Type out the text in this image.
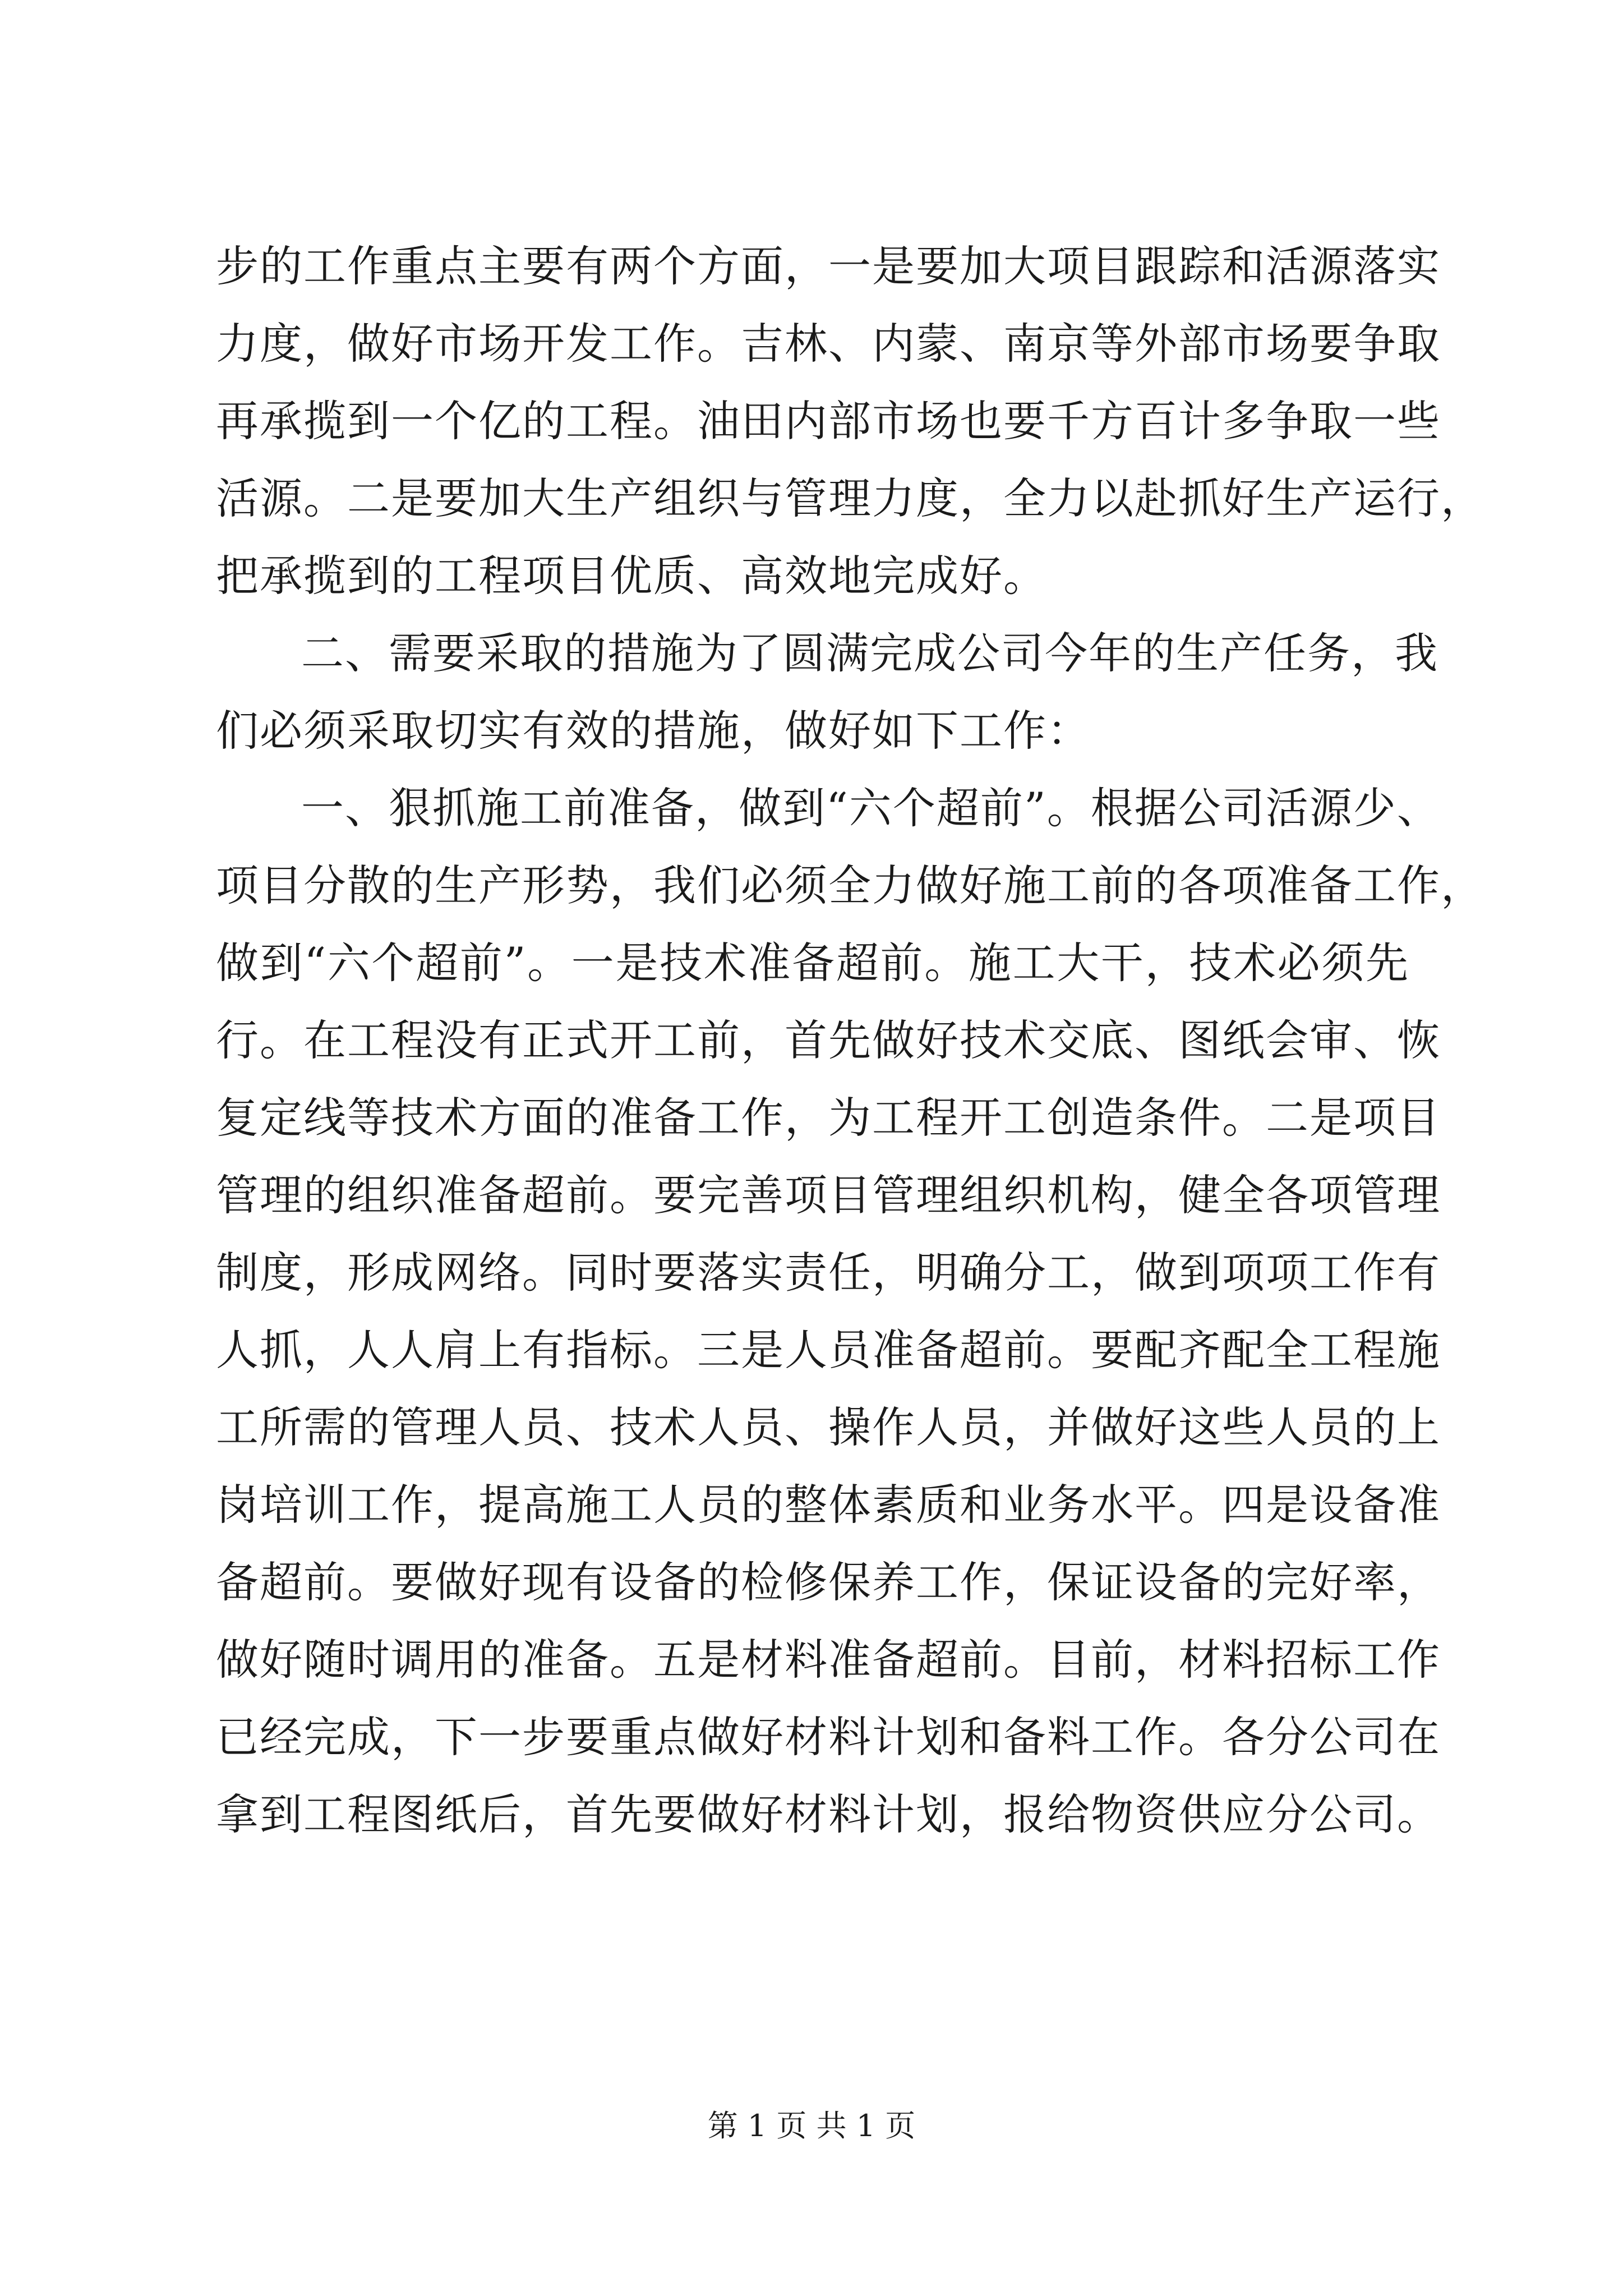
步的工作重点主要有两个方面，一是要加大项目跟踪和活源落实
力度，做好市场开发工作。吉林、内蒙、南京等外部市场要争取
再承揽到一个亿的工程。油田内部市场也要千方百计多争取一些
活源。二是要加大生产组织与管理力度，全力以赴抓好生产运行，
把承揽到的工程项目优质、高效地完成好。
二、需要采取的措施为了圆满完成公司今年的生产任务，我
们必须采取切实有效的措施，做好如下工作：
一、狠抓施工前准备，做到“六个超前”。根据公司活源少、
项目分散的生产形势，我们必须全力做好施工前的各项准备工作，
做到“六个超前”。一是技术准备超前。施工大干，技术必须先
行。在工程没有正式开工前，首先做好技术交底、图纸会审、恢
复定线等技术方面的准备工作，为工程开工创造条件。二是项目
管理的组织准备超前。要完善项目管理组织机构，健全各项管理
制度，形成网络。同时要落实责任，明确分工，做到项项工作有
人抓，人人肩上有指标。三是人员准备超前。要配齐配全工程施
工所需的管理人员、技术人员、操作人员，并做好这些人员的上
岗培训工作，提高施工人员的整体素质和业务水平。四是设备准
备超前。要做好现有设备的检修保养工作，保证设备的完好率，
做好随时调用的准备。五是材料准备超前。目前，材料招标工作
已经完成，下一步要重点做好材料计划和备料工作。各分公司在
拿到工程图纸后，首先要做好材料计划，报给物资供应分公司。
第 1 页 共 1 页
